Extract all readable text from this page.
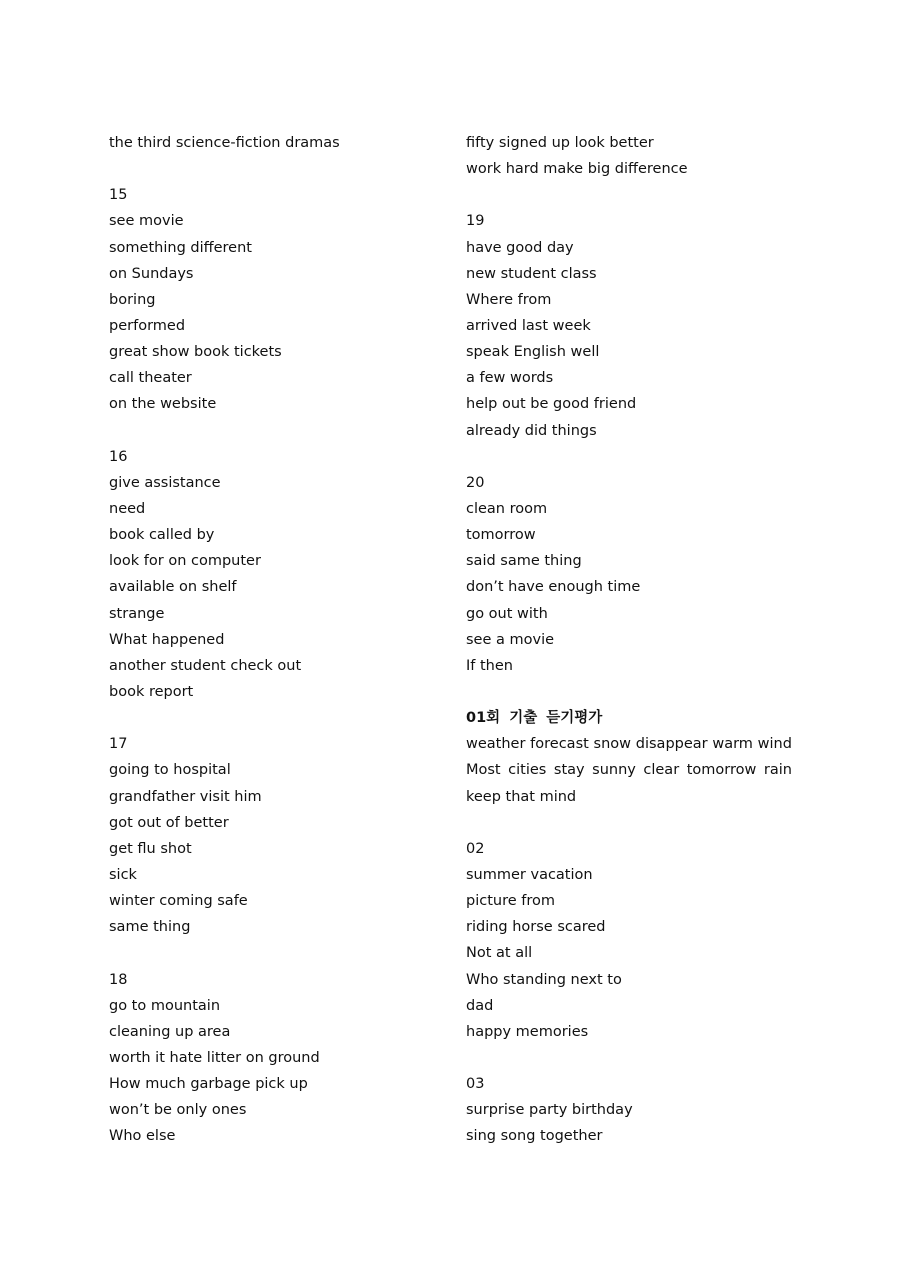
the third science-fiction dramas
15
see movie
something different
on Sundays
boring
performed
great show book tickets
call theater
on the website
16
give assistance
need
book called by
look for on computer
available on shelf
strange
What happened
another student check out
book report
17
going to hospital
grandfather visit him
got out of better
get flu shot
sick
winter coming safe
same thing
18
go to mountain
cleaning up area
worth it hate litter on ground
How much garbage pick up
won’t be only ones
Who else
fifty signed up look better
work hard make big difference
19
have good day
new student class
Where from
arrived last week
speak English well
a few words
help out be good friend
already did things
20
clean room
tomorrow
said same thing
don’t have enough time
go out with
see a movie
If then
01회 기출 듣기평가
weather forecast snow disappear warm wind
Most cities stay sunny clear tomorrow rain
keep that mind
02
summer vacation
picture from
riding horse scared
Not at all
Who standing next to
dad
happy memories
03
surprise party birthday
sing song together
